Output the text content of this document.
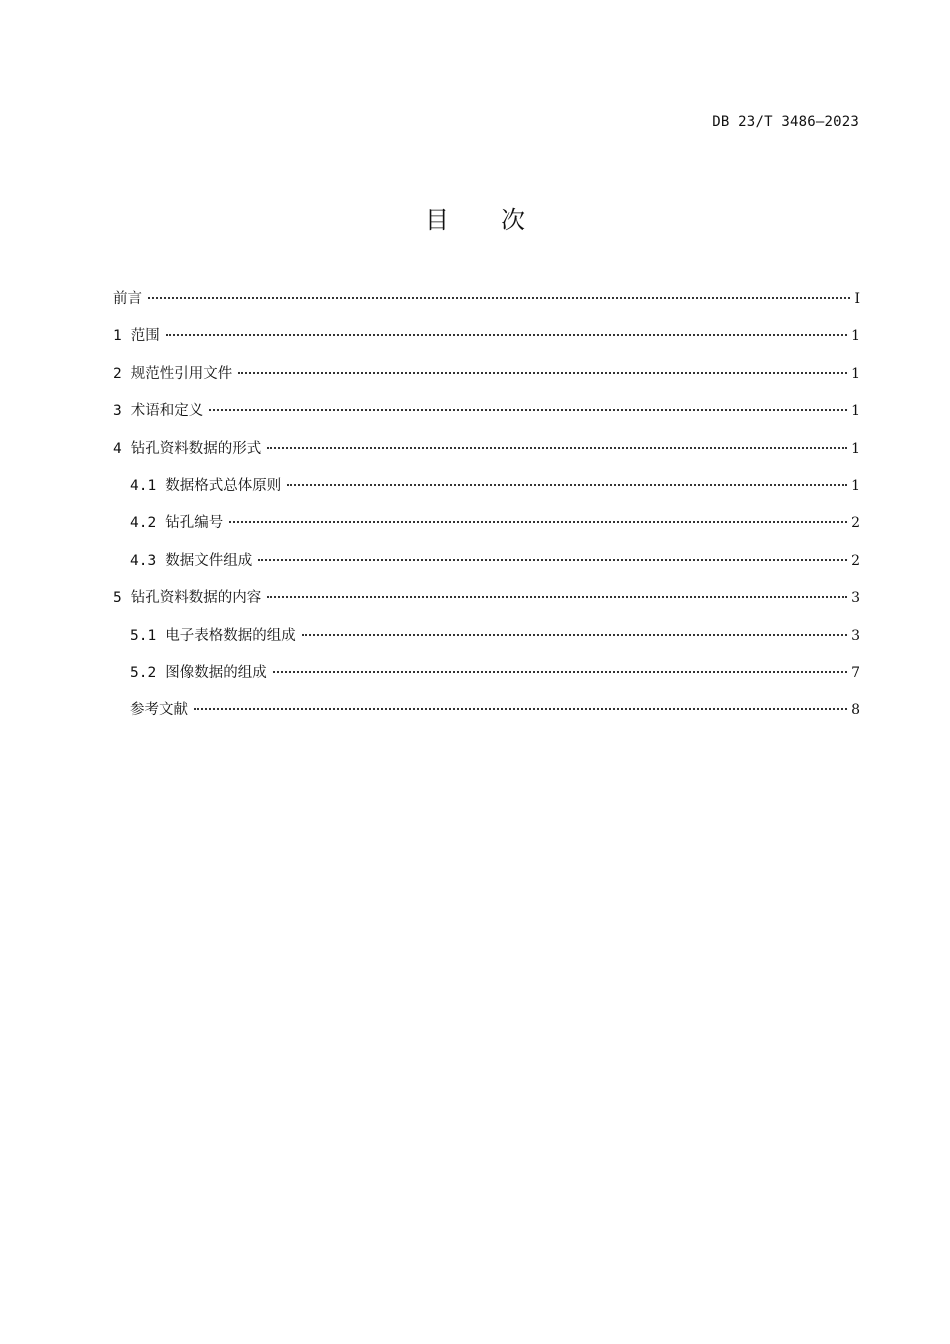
DB 23/T 3486—2023
目 次
前言	I
1 范围	1
2 规范性引用文件	1
3 术语和定义	1
4 钻孔资料数据的形式	1
4.1 数据格式总体原则	1
4.2 钻孔编号	2
4.3 数据文件组成	2
5 钻孔资料数据的内容	3
5.1 电子表格数据的组成	3
5.2 图像数据的组成	7
参考文献	8
